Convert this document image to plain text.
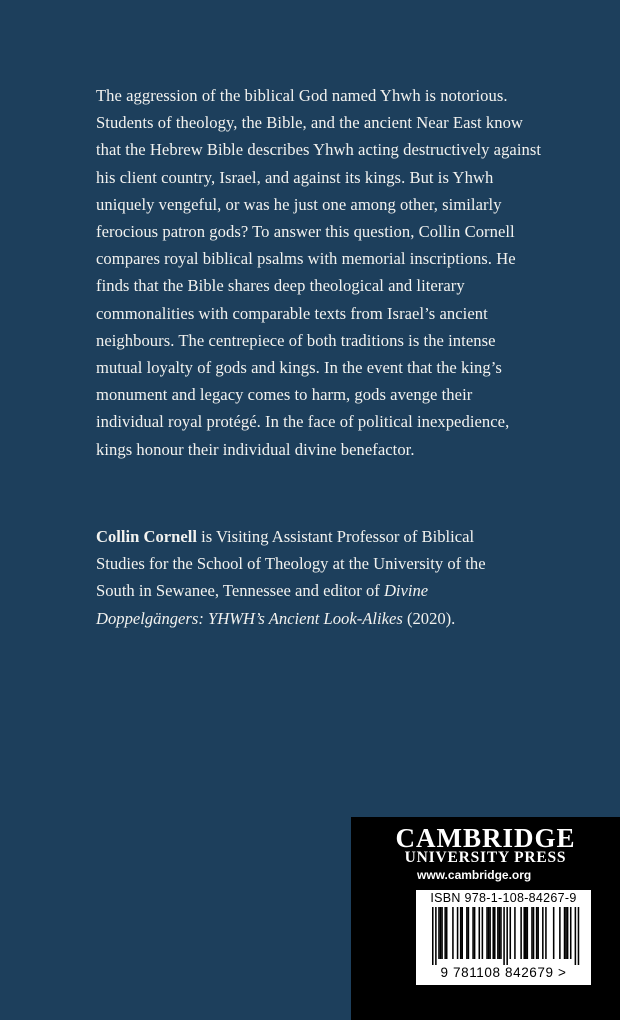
The aggression of the biblical God named Yhwh is notorious. Students of theology, the Bible, and the ancient Near East know that the Hebrew Bible describes Yhwh acting destructively against his client country, Israel, and against its kings. But is Yhwh uniquely vengeful, or was he just one among other, similarly ferocious patron gods? To answer this question, Collin Cornell compares royal biblical psalms with memorial inscriptions. He finds that the Bible shares deep theological and literary commonalities with comparable texts from Israel’s ancient neighbours. The centrepiece of both traditions is the intense mutual loyalty of gods and kings. In the event that the king’s monument and legacy comes to harm, gods avenge their individual royal protégé. In the face of political inexpedience, kings honour their individual divine benefactor.

Collin Cornell is Visiting Assistant Professor of Biblical Studies for the School of Theology at the University of the South in Sewanee, Tennessee and editor of Divine Doppelgängers: YHWH’s Ancient Look-Alikes (2020).

CAMBRIDGE
UNIVERSITY PRESS
www.cambridge.org
ISBN 978-1-108-84267-9
9 781108 842679 >
